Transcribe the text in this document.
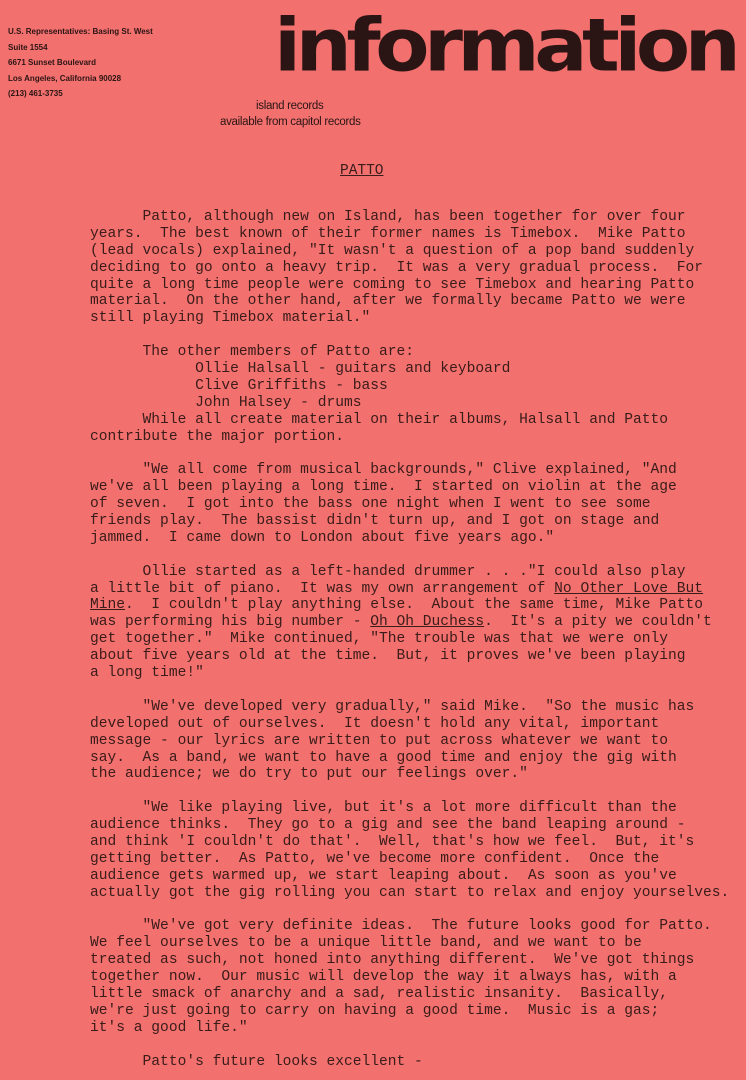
U.S. Representatives: Basing St. West
Suite 1554
6671 Sunset Boulevard
Los Angeles, California 90028
(213) 461-3735
information
island records
available from capitol records
PATTO
Patto, although new on Island, has been together for over four
years.  The best known of their former names is Timebox.  Mike Patto
(lead vocals) explained, "It wasn't a question of a pop band suddenly
deciding to go onto a heavy trip.  It was a very gradual process.  For
quite a long time people were coming to see Timebox and hearing Patto
material.  On the other hand, after we formally became Patto we were
still playing Timebox material."
The other members of Patto are:
Ollie Halsall - guitars and keyboard
Clive Griffiths - bass
John Halsey - drums
While all create material on their albums, Halsall and Patto
contribute the major portion.
"We all come from musical backgrounds," Clive explained, "And
we've all been playing a long time.  I started on violin at the age
of seven.  I got into the bass one night when I went to see some
friends play.  The bassist didn't turn up, and I got on stage and
jammed.  I came down to London about five years ago."
Ollie started as a left-handed drummer . . ."I could also play
a little bit of piano.  It was my own arrangement of No Other Love But
Mine.  I couldn't play anything else.  About the same time, Mike Patto
was performing his big number - Oh Oh Duchess.  It's a pity we couldn't
get together."  Mike continued, "The trouble was that we were only
about five years old at the time.  But, it proves we've been playing
a long time!"
"We've developed very gradually," said Mike.  "So the music has
developed out of ourselves.  It doesn't hold any vital, important
message - our lyrics are written to put across whatever we want to
say.  As a band, we want to have a good time and enjoy the gig with
the audience; we do try to put our feelings over."
"We like playing live, but it's a lot more difficult than the
audience thinks.  They go to a gig and see the band leaping around -
and think 'I couldn't do that'.  Well, that's how we feel.  But, it's
getting better.  As Patto, we've become more confident.  Once the
audience gets warmed up, we start leaping about.  As soon as you've
actually got the gig rolling you can start to relax and enjoy yourselves.
"We've got very definite ideas.  The future looks good for Patto.
We feel ourselves to be a unique little band, and we want to be
treated as such, not honed into anything different.  We've got things
together now.  Our music will develop the way it always has, with a
little smack of anarchy and a sad, realistic insanity.  Basically,
we're just going to carry on having a good time.  Music is a gas;
it's a good life."
Patto's future looks excellent -
